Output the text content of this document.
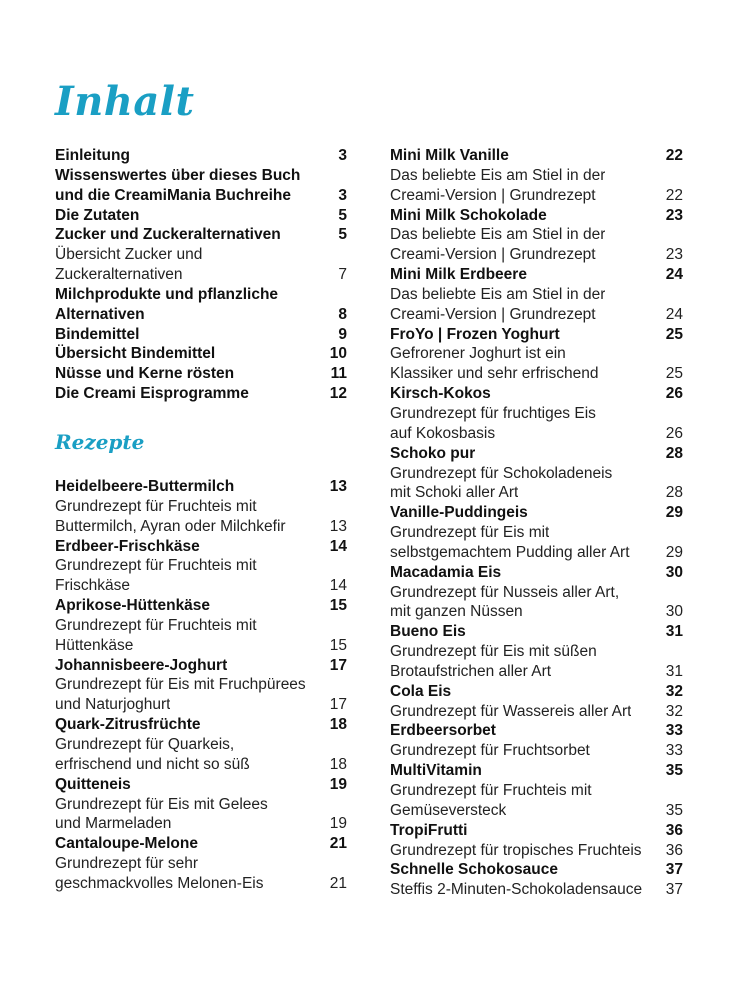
Inhalt
Einleitung	3
Wissenswertes über dieses Buch
und die CreamiMania Buchreihe	3
Die Zutaten	5
Zucker und Zuckeralternativen	5
Übersicht Zucker und
Zuckeralternativen	7
Milchprodukte und pflanzliche
Alternativen	8
Bindemittel	9
Übersicht Bindemittel	10
Nüsse und Kerne rösten	11
Die Creami Eisprogramme	12
Rezepte
Heidelbeere-Buttermilch	13
Grundrezept für Fruchteis mit
Buttermilch, Ayran oder Milchkefir	13
Erdbeer-Frischkäse	14
Grundrezept für Fruchteis mit
Frischkäse	14
Aprikose-Hüttenkäse	15
Grundrezept für Fruchteis mit
Hüttenkäse	15
Johannisbeere-Joghurt	17
Grundrezept für Eis mit Fruchpürees
und Naturjoghurt	17
Quark-Zitrusfrüchte	18
Grundrezept für Quarkeis,
erfrischend und nicht so süß	18
Quitteneis	19
Grundrezept für Eis mit Gelees
und Marmeladen	19
Cantaloupe-Melone	21
Grundrezept für sehr
geschmackvolles Melonen-Eis	21
Mini Milk Vanille	22
Das beliebte Eis am Stiel in der
Creami-Version | Grundrezept	22
Mini Milk Schokolade	23
Das beliebte Eis am Stiel in der
Creami-Version | Grundrezept	23
Mini Milk Erdbeere	24
Das beliebte Eis am Stiel in der
Creami-Version | Grundrezept	24
FroYo | Frozen Yoghurt	25
Gefrorener Joghurt ist ein
Klassiker und sehr erfrischend	25
Kirsch-Kokos	26
Grundrezept für fruchtiges Eis
auf Kokosbasis	26
Schoko pur	28
Grundrezept für Schokoladeneis
mit Schoki aller Art	28
Vanille-Puddingeis	29
Grundrezept für Eis mit
selbstgemachtem Pudding aller Art	29
Macadamia Eis	30
Grundrezept für Nusseis aller Art,
mit ganzen Nüssen	30
Bueno Eis	31
Grundrezept für Eis mit süßen
Brotaufstrichen aller Art	31
Cola Eis	32
Grundrezept für Wassereis aller Art	32
Erdbeersorbet	33
Grundrezept für Fruchtsorbet	33
MultiVitamin	35
Grundrezept für Fruchteis mit
Gemüseversteck	35
TropiFrutti	36
Grundrezept für tropisches Fruchteis	36
Schnelle Schokosauce	37
Steffis 2-Minuten-Schokoladensauce	37
